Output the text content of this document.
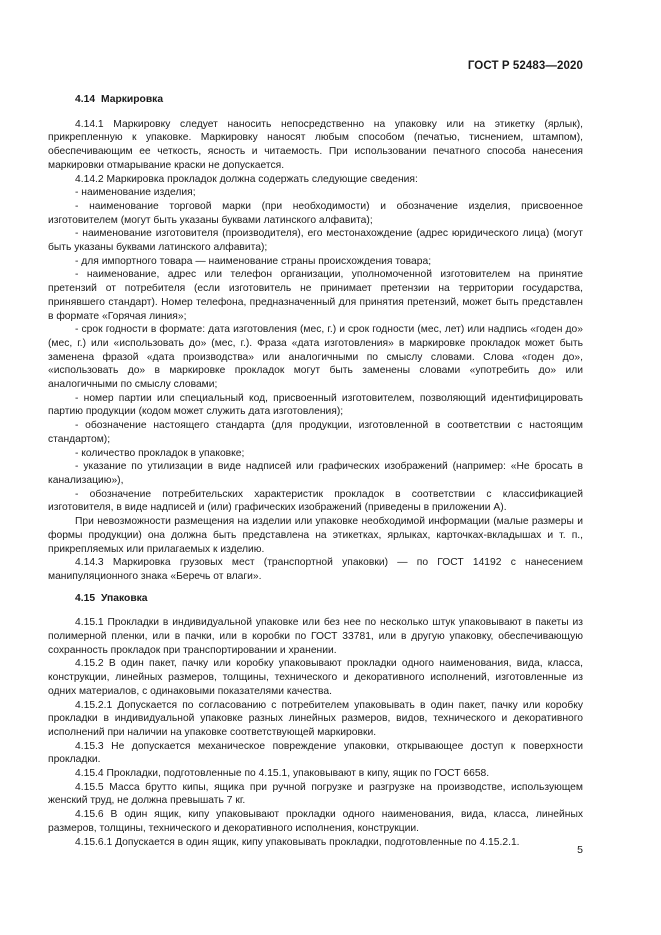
ГОСТ Р 52483—2020
4.14 Маркировка

4.14.1 Маркировку следует наносить непосредственно на упаковку или на этикетку (ярлык), прикрепленную к упаковке. Маркировку наносят любым способом (печатью, тиснением, штампом), обеспечивающим ее четкость, ясность и читаемость. При использовании печатного способа нанесения маркировки отмарывание краски не допускается.

4.14.2 Маркировка прокладок должна содержать следующие сведения:

- наименование изделия;

- наименование торговой марки (при необходимости) и обозначение изделия, присвоенное изготовителем (могут быть указаны буквами латинского алфавита);

- наименование изготовителя (производителя), его местонахождение (адрес юридического лица) (могут быть указаны буквами латинского алфавита);

- для импортного товара — наименование страны происхождения товара;

- наименование, адрес или телефон организации, уполномоченной изготовителем на принятие претензий от потребителя (если изготовитель не принимает претензии на территории государства, принявшего стандарт). Номер телефона, предназначенный для принятия претензий, может быть представлен в формате «Горячая линия»;

- срок годности в формате: дата изготовления (мес, г.) и срок годности (мес, лет) или надпись «годен до» (мес, г.) или «использовать до» (мес, г.). Фраза «дата изготовления» в маркировке прокладок может быть заменена фразой «дата производства» или аналогичными по смыслу словами. Слова «годен до», «использовать до» в маркировке прокладок могут быть заменены словами «употребить до» или аналогичными по смыслу словами;

- номер партии или специальный код, присвоенный изготовителем, позволяющий идентифицировать партию продукции (кодом может служить дата изготовления);

- обозначение настоящего стандарта (для продукции, изготовленной в соответствии с настоящим стандартом);

- количество прокладок в упаковке;

- указание по утилизации в виде надписей или графических изображений (например: «Не бросать в канализацию»),

- обозначение потребительских характеристик прокладок в соответствии с классификацией изготовителя, в виде надписей и (или) графических изображений (приведены в приложении А).

При невозможности размещения на изделии или упаковке необходимой информации (малые размеры и формы продукции) она должна быть представлена на этикетках, ярлыках, карточках-вкладышах и т. п., прикрепляемых или прилагаемых к изделию.

4.14.3 Маркировка грузовых мест (транспортной упаковки) — по ГОСТ 14192 с нанесением манипуляционного знака «Беречь от влаги».

4.15 Упаковка

4.15.1 Прокладки в индивидуальной упаковке или без нее по несколько штук упаковывают в пакеты из полимерной пленки, или в пачки, или в коробки по ГОСТ 33781, или в другую упаковку, обеспечивающую сохранность прокладок при транспортировании и хранении.

4.15.2 В один пакет, пачку или коробку упаковывают прокладки одного наименования, вида, класса, конструкции, линейных размеров, толщины, технического и декоративного исполнений, изготовленные из одних материалов, с одинаковыми показателями качества.

4.15.2.1 Допускается по согласованию с потребителем упаковывать в один пакет, пачку или коробку прокладки в индивидуальной упаковке разных линейных размеров, видов, технического и декоративного исполнений при наличии на упаковке соответствующей маркировки.

4.15.3 Не допускается механическое повреждение упаковки, открывающее доступ к поверхности прокладки.

4.15.4 Прокладки, подготовленные по 4.15.1, упаковывают в кипу, ящик по ГОСТ 6658.

4.15.5 Масса брутто кипы, ящика при ручной погрузке и разгрузке на производстве, использующем женский труд, не должна превышать 7 кг.

4.15.6 В один ящик, кипу упаковывают прокладки одного наименования, вида, класса, линейных размеров, толщины, технического и декоративного исполнения, конструкции.

4.15.6.1 Допускается в один ящик, кипу упаковывать прокладки, подготовленные по 4.15.2.1.

5
